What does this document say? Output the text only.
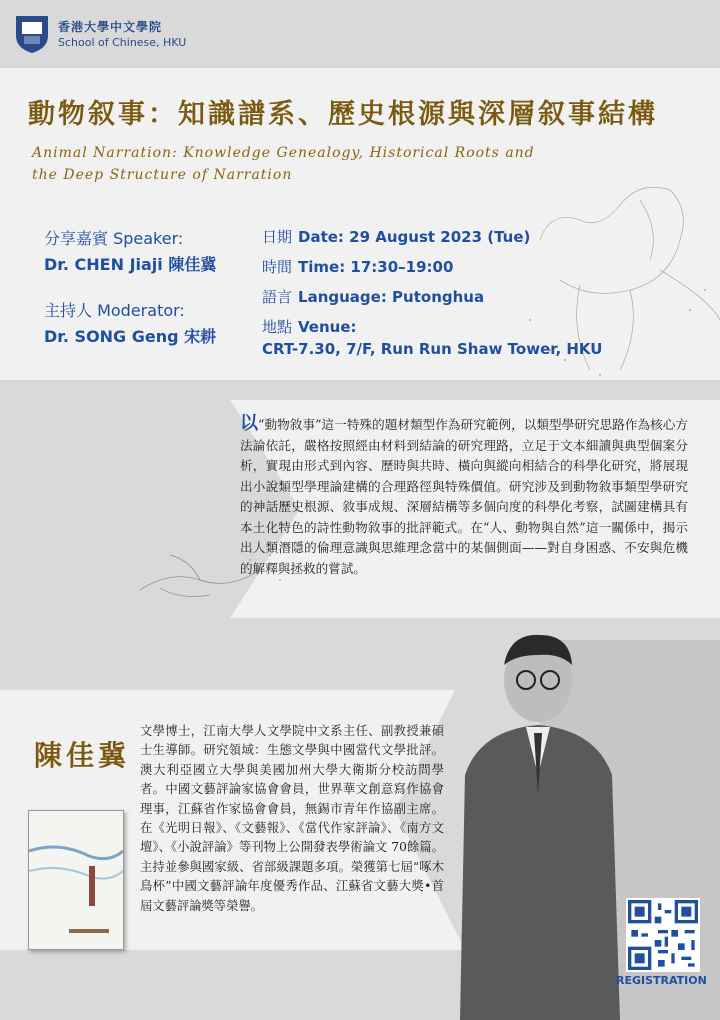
香港大學中文學院
School of Chinese, HKU
動物叙事：知識譜系、歷史根源與深層叙事結構
Animal Narration: Knowledge Genealogy, Historical Roots and the Deep Structure of Narration
分享嘉賓 Speaker:
Dr. CHEN Jiaji 陳佳冀
主持人 Moderator:
Dr. SONG Geng 宋耕
日期 Date: 29 August 2023 (Tue)
時間 Time: 17:30–19:00
語言 Language: Putonghua
地點 Venue:
CRT-7.30, 7/F, Run Run Shaw Tower, HKU
以“動物敘事”這一特殊的題材類型作為研究範例，以類型學研究思路作為核心方法論依託，嚴格按照經由材料到結論的研究理路，立足于文本細讀與典型個案分析，實現由形式到內容、歷時與共時、橫向與縱向相結合的科學化研究，將展現出小說類型學理論建構的合理路徑與特殊價值。研究涉及到動物敘事類型學研究的神話歷史根源、敘事成規、深層結構等多個向度的科學化考察，試圖建構具有本土化特色的詩性動物敘事的批評範式。在“人、動物與自然”這一關係中，揭示出人類潛隱的倫理意識與思維理念當中的某個側面——對自身困惑、不安與危機的解釋與拯救的嘗試。
陳佳冀
文學博士，江南大學人文學院中文系主任、副教授兼碩士生導師。研究領域：生態文學與中國當代文學批評。澳大利亞國立大學與美國加州大學大衛斯分校訪問學者。中國文藝評論家協會會員，世界華文創意寫作協會理事，江蘇省作家協會會員，無錫市青年作協副主席。在《光明日報》、《文藝報》、《當代作家評論》、《南方文壇》、《小說評論》等刊物上公開發表學術論文 70餘篇。主持並參與國家級、省部級課題多項。榮獲第七屆“啄木鳥杯”中國文藝評論年度優秀作品、江蘇省文藝大獎•首屆文藝評論獎等榮譽。
REGISTRATION
